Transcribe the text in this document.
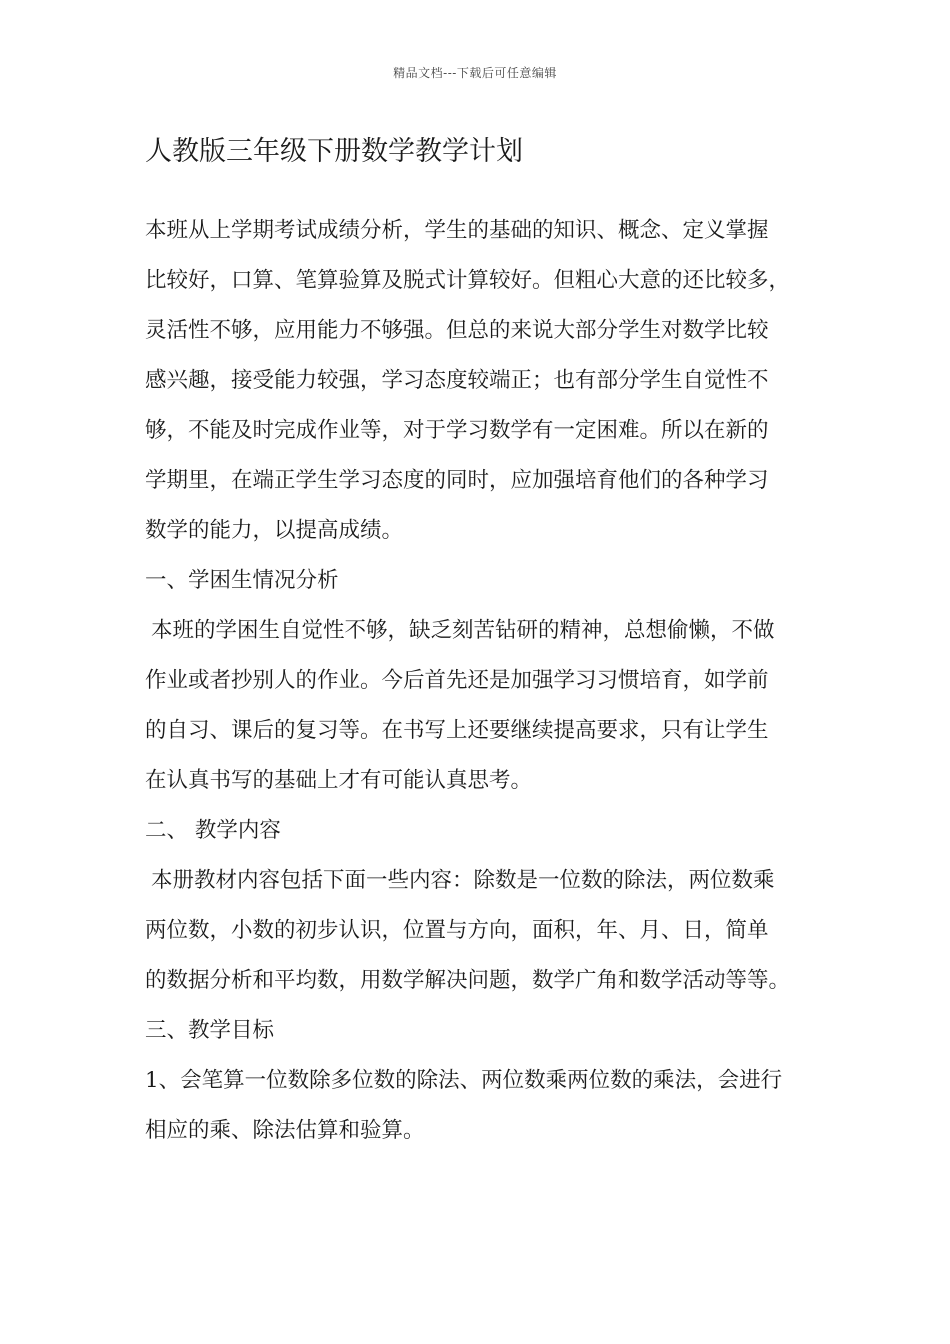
精品文档---下载后可任意编辑
人教版三年级下册数学教学计划
本班从上学期考试成绩分析，学生的基础的知识、概念、定义掌握
比较好，口算、笔算验算及脱式计算较好。但粗心大意的还比较多，
灵活性不够，应用能力不够强。但总的来说大部分学生对数学比较
感兴趣，接受能力较强，学习态度较端正；也有部分学生自觉性不
够，不能及时完成作业等，对于学习数学有一定困难。所以在新的
学期里，在端正学生学习态度的同时，应加强培育他们的各种学习
数学的能力，以提高成绩。
一、学困生情况分析
本班的学困生自觉性不够，缺乏刻苦钻研的精神，总想偷懒，不做
作业或者抄别人的作业。今后首先还是加强学习习惯培育，如学前
的自习、课后的复习等。在书写上还要继续提高要求，只有让学生
在认真书写的基础上才有可能认真思考。
二、 教学内容
本册教材内容包括下面一些内容：除数是一位数的除法，两位数乘
两位数，小数的初步认识，位置与方向，面积，年、月、日，简单
的数据分析和平均数，用数学解决问题，数学广角和数学活动等等。
三、教学目标
1、会笔算一位数除多位数的除法、两位数乘两位数的乘法，会进行
相应的乘、除法估算和验算。
